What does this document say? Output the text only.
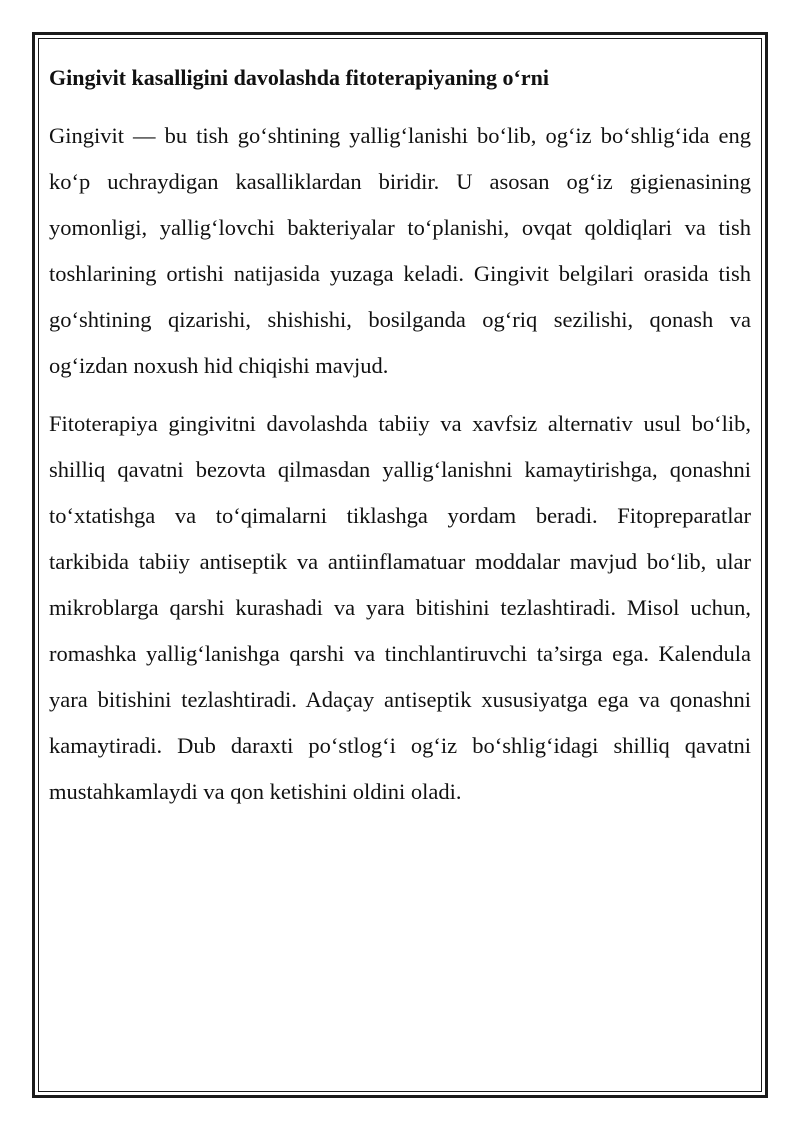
Gingivit kasalligini davolashda fitoterapiyaning o‘rni

Gingivit — bu tish go‘shtining yallig‘lanishi bo‘lib, og‘iz bo‘shlig‘ida eng ko‘p uchraydigan kasalliklardan biridir. U asosan og‘iz gigienasining yomonligi, yallig‘lovchi bakteriyalar to‘planishi, ovqat qoldiqlari va tish toshlarining ortishi natijasida yuzaga keladi. Gingivit belgilari orasida tish go‘shtining qizarishi, shishishi, bosilganda og‘riq sezilishi, qonash va og‘izdan noxush hid chiqishi mavjud.

Fitoterapiya gingivitni davolashda tabiiy va xavfsiz alternativ usul bo‘lib, shilliq qavatni bezovta qilmasdan yallig‘lanishni kamaytirishga, qonashni to‘xtatishga va to‘qimalarni tiklashga yordam beradi. Fitopreparatlar tarkibida tabiiy antiseptik va antiinflamatuar moddalar mavjud bo‘lib, ular mikroblarga qarshi kurashadi va yara bitishini tezlashtiradi. Misol uchun, romashka yallig‘lanishga qarshi va tinchlantiruvchi ta’sirga ega. Kalendula yara bitishini tezlashtiradi. Adaçay antiseptik xususiyatga ega va qonashni kamaytiradi. Dub daraxti po‘stlog‘i og‘iz bo‘shlig‘idagi shilliq qavatni mustahkamlaydi va qon ketishini oldini oladi.
